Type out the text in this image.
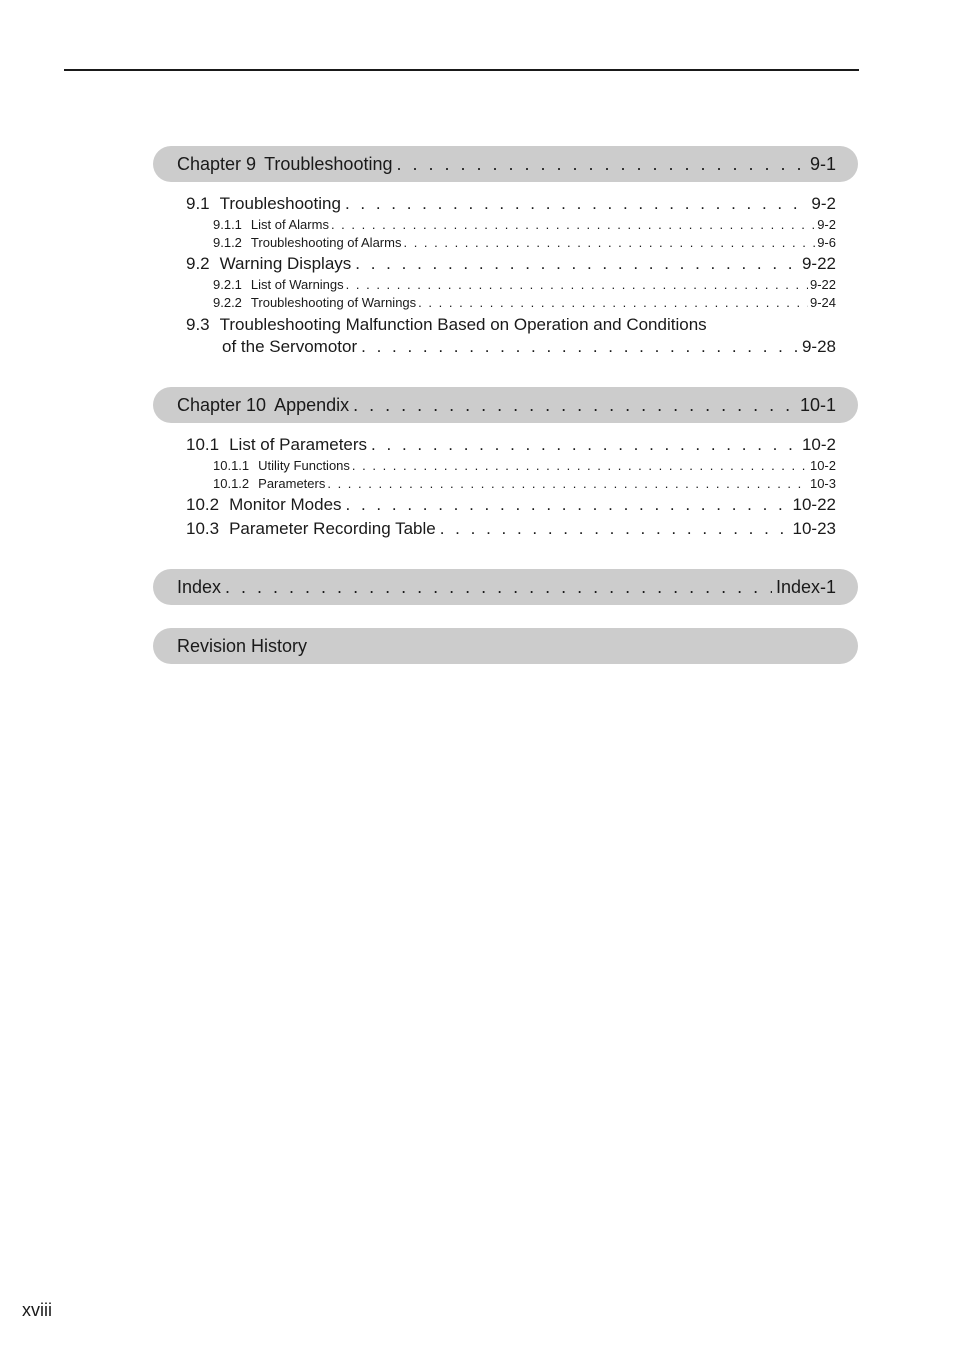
Chapter 9 Troubleshooting . . .	9-1
9.1 Troubleshooting . . .	9-2
9.1.1 List of Alarms . . .	9-2
9.1.2 Troubleshooting of Alarms . . .	9-6
9.2 Warning Displays . . .	9-22
9.2.1 List of Warnings . . .	9-22
9.2.2 Troubleshooting of Warnings . . .	9-24
9.3 Troubleshooting Malfunction Based on Operation and Conditions
of the Servomotor . . .	9-28
Chapter 10 Appendix . . .	10-1
10.1 List of Parameters . . .	10-2
10.1.1 Utility Functions . . .	10-2
10.1.2 Parameters . . .	10-3
10.2 Monitor Modes . . .	10-22
10.3 Parameter Recording Table . . .	10-23
Index . . .	Index-1
Revision History
xviii
